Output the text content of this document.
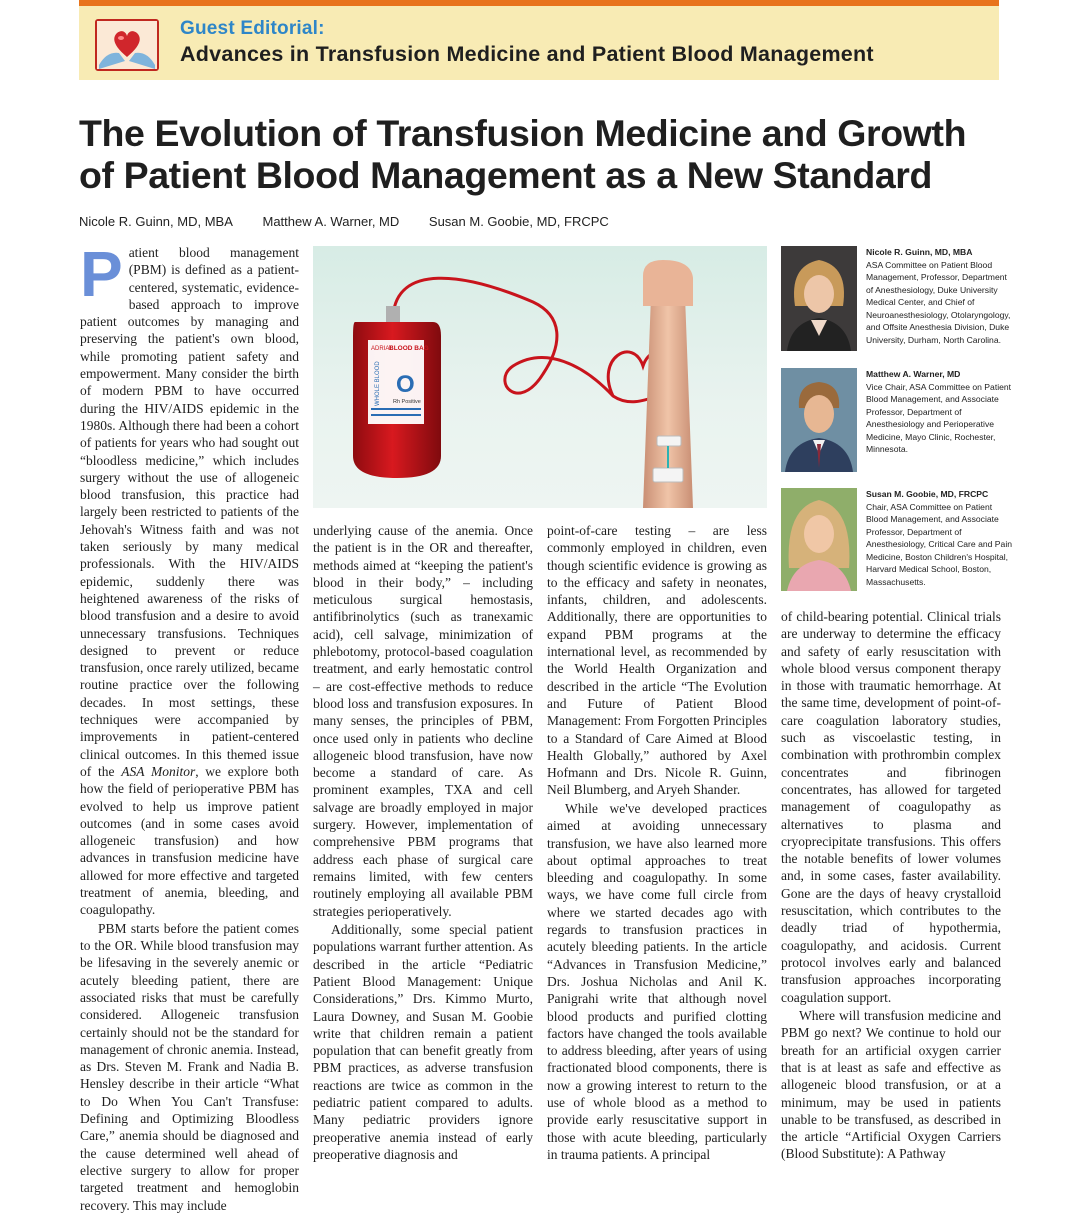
Guest Editorial:
Advances in Transfusion Medicine and Patient Blood Management
The Evolution of Transfusion Medicine and Growth
of Patient Blood Management as a New Standard
Nicole R. Guinn, MD, MBA Matthew A. Warner, MD Susan M. Goobie, MD, FRCPC
ADRIAT
BLOOD BAG
WHOLE BLOOD O
Rh Positive

Patient blood management (PBM) is defined as a patient-centered, systematic, evidence-based approach to improve patient outcomes by managing and preserving the patient's own blood, while promoting patient safety and empowerment. Many consider the birth of modern PBM to have occurred during the HIV/AIDS epidemic in the 1980s. Although there had been a cohort of patients for years who had sought out “bloodless medicine,” which includes surgery without the use of allogeneic blood transfusion, this practice had largely been restricted to patients of the Jehovah's Witness faith and was not taken seriously by many medical professionals. With the HIV/AIDS epidemic, suddenly there was heightened awareness of the risks of blood transfusion and a desire to avoid unnecessary transfusions. Techniques designed to prevent or reduce transfusion, once rarely utilized, became routine practice over the following decades. In most settings, these techniques were accompanied by improvements in patient-centered clinical outcomes. In this themed issue of the ASA Monitor, we explore both how the field of perioperative PBM has evolved to help us improve patient outcomes (and in some cases avoid allogeneic transfusion) and how advances in transfusion medicine have allowed for more effective and targeted treatment of anemia, bleeding, and coagulopathy.

PBM starts before the patient comes to the OR. While blood transfusion may be lifesaving in the severely anemic or acutely bleeding patient, there are associated risks that must be carefully considered. Allogeneic transfusion certainly should not be the standard for management of chronic anemia. Instead, as Drs. Steven M. Frank and Nadia B. Hensley describe in their article “What to Do When You Can't Transfuse: Defining and Optimizing Bloodless Care,” anemia should be diagnosed and the cause determined well ahead of elective surgery to allow for proper targeted treatment and hemoglobin recovery. This may include

underlying cause of the anemia. Once the patient is in the OR and thereafter, methods aimed at “keeping the patient's blood in their body,” – including meticulous surgical hemostasis, antifibrinolytics (such as tranexamic acid), cell salvage, minimization of phlebotomy, protocol-based coagulation treatment, and early hemostatic control – are cost-effective methods to reduce blood loss and transfusion exposures. In many senses, the principles of PBM, once used only in patients who decline allogeneic blood transfusion, have now become a standard of care. As prominent examples, TXA and cell salvage are broadly employed in major surgery. However, implementation of comprehensive PBM programs that address each phase of surgical care remains limited, with few centers routinely employing all available PBM strategies perioperatively.

Additionally, some special patient populations warrant further attention. As described in the article “Pediatric Patient Blood Management: Unique Considerations,” Drs. Kimmo Murto, Laura Downey, and Susan M. Goobie write that children remain a patient population that can benefit greatly from PBM practices, as adverse transfusion reactions are twice as common in the pediatric patient compared to adults. Many pediatric providers ignore preoperative anemia instead of early preoperative diagnosis and

point-of-care testing – are less commonly employed in children, even though scientific evidence is growing as to the efficacy and safety in neonates, infants, children, and adolescents. Additionally, there are opportunities to expand PBM programs at the international level, as recommended by the World Health Organization and described in the article “The Evolution and Future of Patient Blood Management: From Forgotten Principles to a Standard of Care Aimed at Blood Health Globally,” authored by Axel Hofmann and Drs. Nicole R. Guinn, Neil Blumberg, and Aryeh Shander.

While we've developed practices aimed at avoiding unnecessary transfusion, we have also learned more about optimal approaches to treat bleeding and coagulopathy. In some ways, we have come full circle from where we started decades ago with regards to transfusion practices in acutely bleeding patients. In the article “Advances in Transfusion Medicine,” Drs. Joshua Nicholas and Anil K. Panigrahi write that although novel blood products and purified clotting factors have changed the tools available to address bleeding, after years of using fractionated blood components, there is now a growing interest to return to the use of whole blood as a method to provide early resuscitative support in those with acute bleeding, particularly in trauma patients. A principal

of child-bearing potential. Clinical trials are underway to determine the efficacy and safety of early resuscitation with whole blood versus component therapy in those with traumatic hemorrhage. At the same time, development of point-of-care coagulation laboratory studies, such as viscoelastic testing, in combination with prothrombin complex concentrates and fibrinogen concentrates, has allowed for targeted management of coagulopathy as alternatives to plasma and cryoprecipitate transfusions. This offers the notable benefits of lower volumes and, in some cases, faster availability. Gone are the days of heavy crystalloid resuscitation, which contributes to the deadly triad of hypothermia, coagulopathy, and acidosis. Current protocol involves early and balanced transfusion approaches incorporating coagulation support.

Where will transfusion medicine and PBM go next? We continue to hold our breath for an artificial oxygen carrier that is at least as safe and effective as allogeneic blood transfusion, or at a minimum, may be used in patients unable to be transfused, as described in the article “Artificial Oxygen Carriers (Blood Substitute): A Pathway

Nicole R. Guinn, MD, MBA
ASA Committee on Patient Blood Management, Professor, Department of Anesthesiology, Duke University Medical Center, and Chief of Neuroanesthesiology, Otolaryngology, and Offsite Anesthesia Division, Duke University, Durham, North Carolina.
Matthew A. Warner, MD
Vice Chair, ASA Committee on Patient Blood Management, and Associate Professor, Department of Anesthesiology and Perioperative Medicine, Mayo Clinic, Rochester, Minnesota.
Susan M. Goobie, MD, FRCPC
Chair, ASA Committee on Patient Blood Management, and Associate Professor, Department of Anesthesiology, Critical Care and Pain Medicine, Boston Children's Hospital, Harvard Medical School, Boston, Massachusetts.
